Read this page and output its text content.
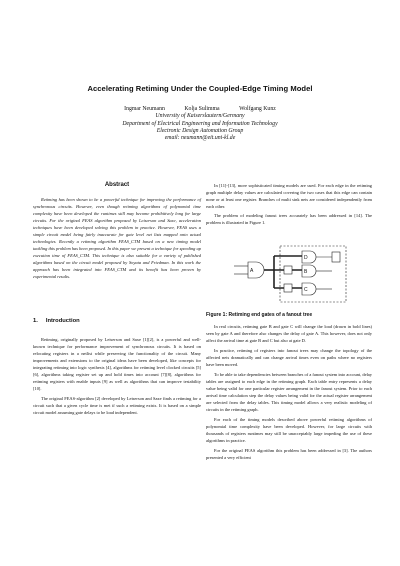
Accelerating Retiming Under the Coupled-Edge Timing Model
Ingmar Neumann	Kolja Sulimma	Wolfgang Kunz
University of Kaiserslautern/Germany
Department of Electrical Engineering and Information Technology
Electronic Design Automation Group
email: neumann@eit.uni-kl.de
Abstract
Retiming has been shown to be a powerful technique for improving the performance of synchronous circuits. However, even though retiming algorithms of polynomial time complexity have been developed the runtimes still may become prohibitively long for large circuits. For the original FEAS algorithm proposed by Leiserson and Saxe, acceleration techniques have been developed solving this problem in practice. However, FEAS uses a simple circuit model being fairly inaccurate for gate level net lists mapped onto actual technologies. Recently a retiming algorithm FEAS_CTM based on a new timing model tackling this problem has been proposed. In this paper we present a technique for speeding up execution time of FEAS_CTM. This technique is also suitable for a variety of published algorithms based on the circuit model proposed by Soyata and Friedman. In this work the approach has been integrated into FEAS_CTM and its benefit has been proven by experimental results.
1. Introduction

Retiming, originally proposed by Leiserson and Saxe [1][2], is a powerful and well-known technique for performance improvement of synchronous circuits. It is based on relocating registers in a netlist while preserving the functionality of the circuit. Many improvements and extensions to the original ideas have been developed, like concepts for integrating retiming into logic synthesis [4], algorithms for retiming level clocked circuits [5][6], algorithms taking register set up and hold times into account [7][8], algorithms for retiming registers with enable inputs [9] as well as algorithms that can improve testability [10].

The original FEAS-algorithm [2] developed by Leiserson and Saxe finds a retiming for a circuit such that a given cycle time is met if such a retiming exists. It is based on a simple circuit model assuming gate delays to be load independent.

In [11]-[13], more sophisticated timing models are used. For each edge in the retiming graph multiple delay values are calculated covering the two cases that this edge can contain none or at least one register. Branches of multi sink nets are considered independently from each other.

The problem of modeling fanout trees accurately has been addressed in [14]. The problem is illustrated in Figure 1.

A	B
C
D
Figure 1: Retiming end gates of a fanout tree

In real circuits, retiming gate B and gate C will change the load (drawn in bold lines) seen by gate A and therefore also changes the delay of gate A. This however, does not only affect the arrival time at gate B and C but also at gate D.

In practice, retiming of registers into fanout trees may change the topology of the affected nets dramatically and can change arrival times even on paths where no registers have been moved.

To be able to take dependencies between branches of a fanout system into account, delay tables are assigned to each edge in the retiming graph. Each table entry represents a delay value being valid for one particular register arrangement in the fanout system. Prior to each arrival time calculation step the delay values being valid for the actual register arrangement are selected from the delay tables. This timing model allows a very realistic modeling of circuits in the retiming graph.

For each of the timing models described above powerful retiming algorithms of polynomial time complexity have been developed. However, for large circuits with thousands of registers runtimes may still be unacceptably large impeding the use of these algorithms in practice.

For the original FEAS algorithm this problem has been addressed in [3]. The authors presented a very efficient
